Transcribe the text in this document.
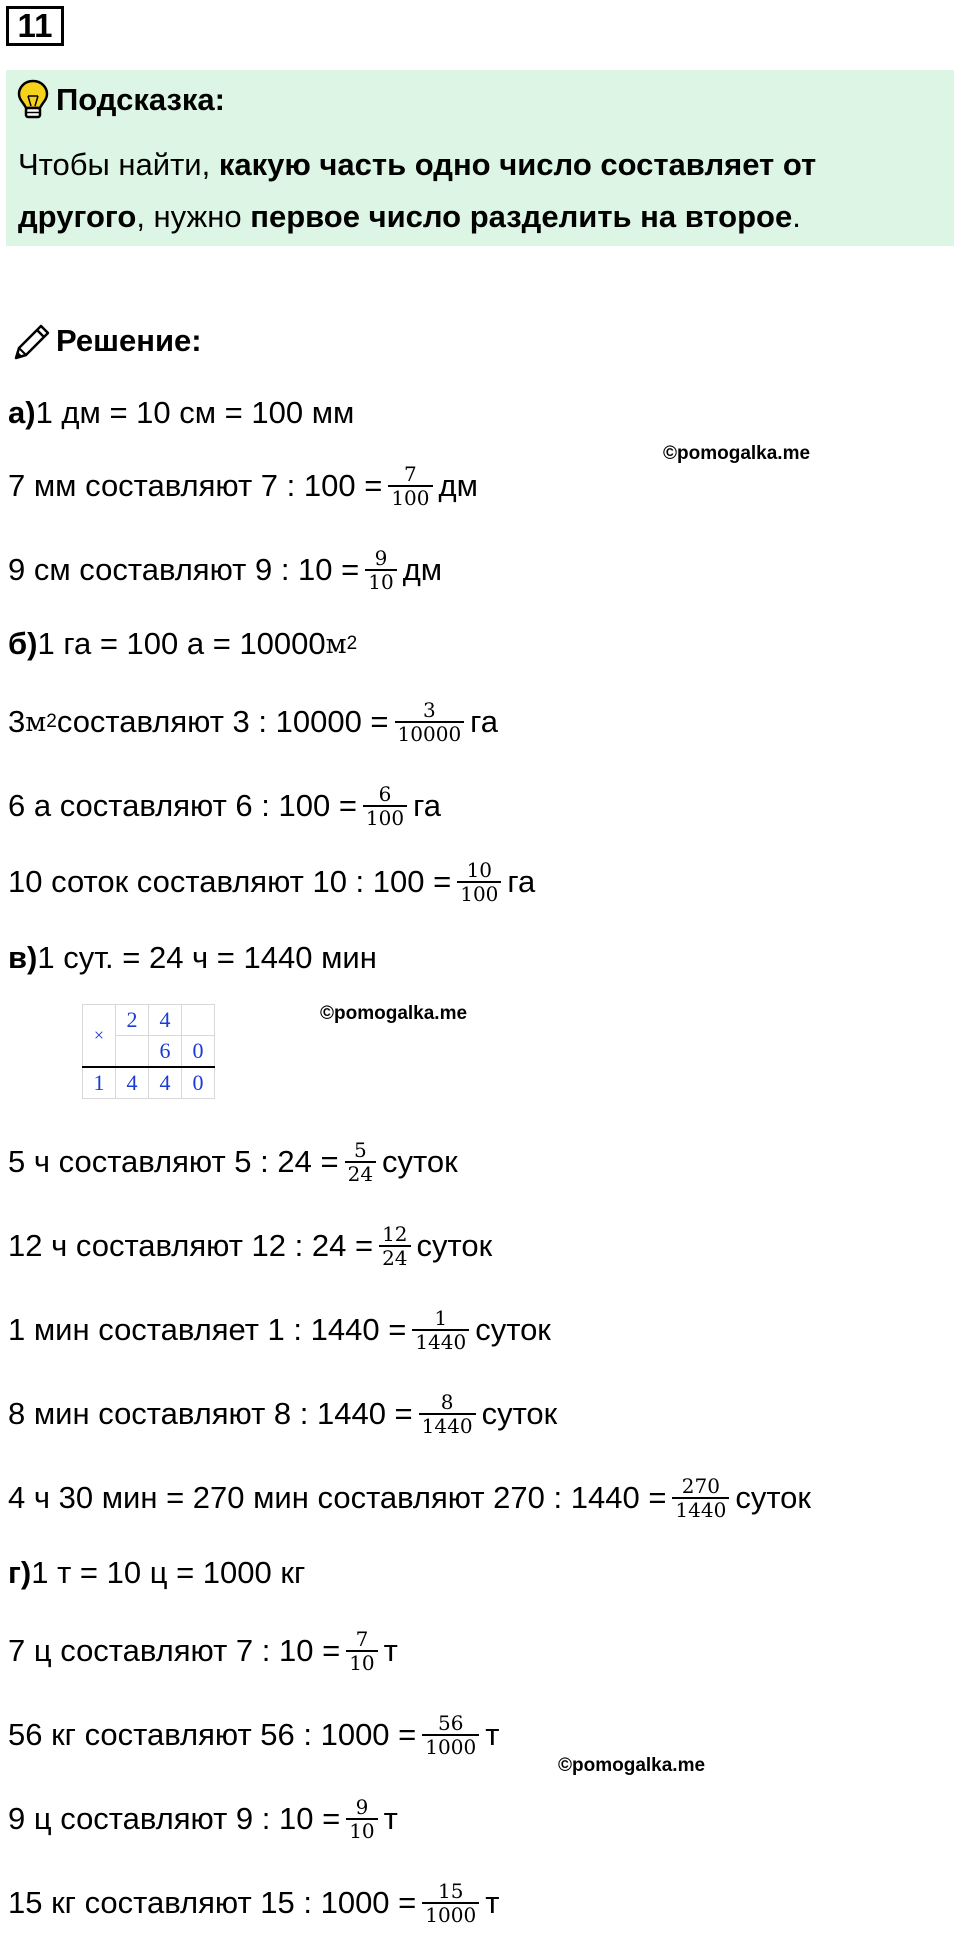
11
Подсказка:
Чтобы найти, какую часть одно число составляет от
другого, нужно первое число разделить на второе.
Решение:
а) 1 дм = 10 см = 100 мм
©pomogalka.me
7 мм составляют 7 : $100 = \frac{7}{100}$ дм
9 см составляют 9 : $10 = \frac{9}{10}$ дм
б) 1 га = 100 а = 10000 м 2
3 м 2 составляют 3 : $10000 = \frac{3}{10000}$ га
6 а составляют 6 : $100 = \frac{6}{100}$ га
10 соток составляют 10 : $100 = \frac{10}{100}$ га
в) 1 сут. = 24 ч = 1440 мин
×	2	4	
		6	0
1	4	4	0
©pomogalka.me
5 ч составляют 5 : $24 = \frac{5}{24}$ суток
12 ч составляют 12 : $24 = \frac{12}{24}$ суток
1 мин составляет 1 : $1440 = \frac{1}{1440}$ суток
8 мин составляют 8 : $1440 = \frac{8}{1440}$ суток
4 ч 30 мин = 270 мин составляют 270 : $1440 = \frac{270}{1440}$ суток
г) 1 т = 10 ц = 1000 кг
7 ц составляют 7 : $10 = \frac{7}{10}$ т
56 кг составляют 56 : $1000 = \frac{56}{1000}$ т
©pomogalka.me
9 ц составляют 9 : $10 = \frac{9}{10}$ т
15 кг составляют 15 : $1000 = \frac{15}{1000}$ т
